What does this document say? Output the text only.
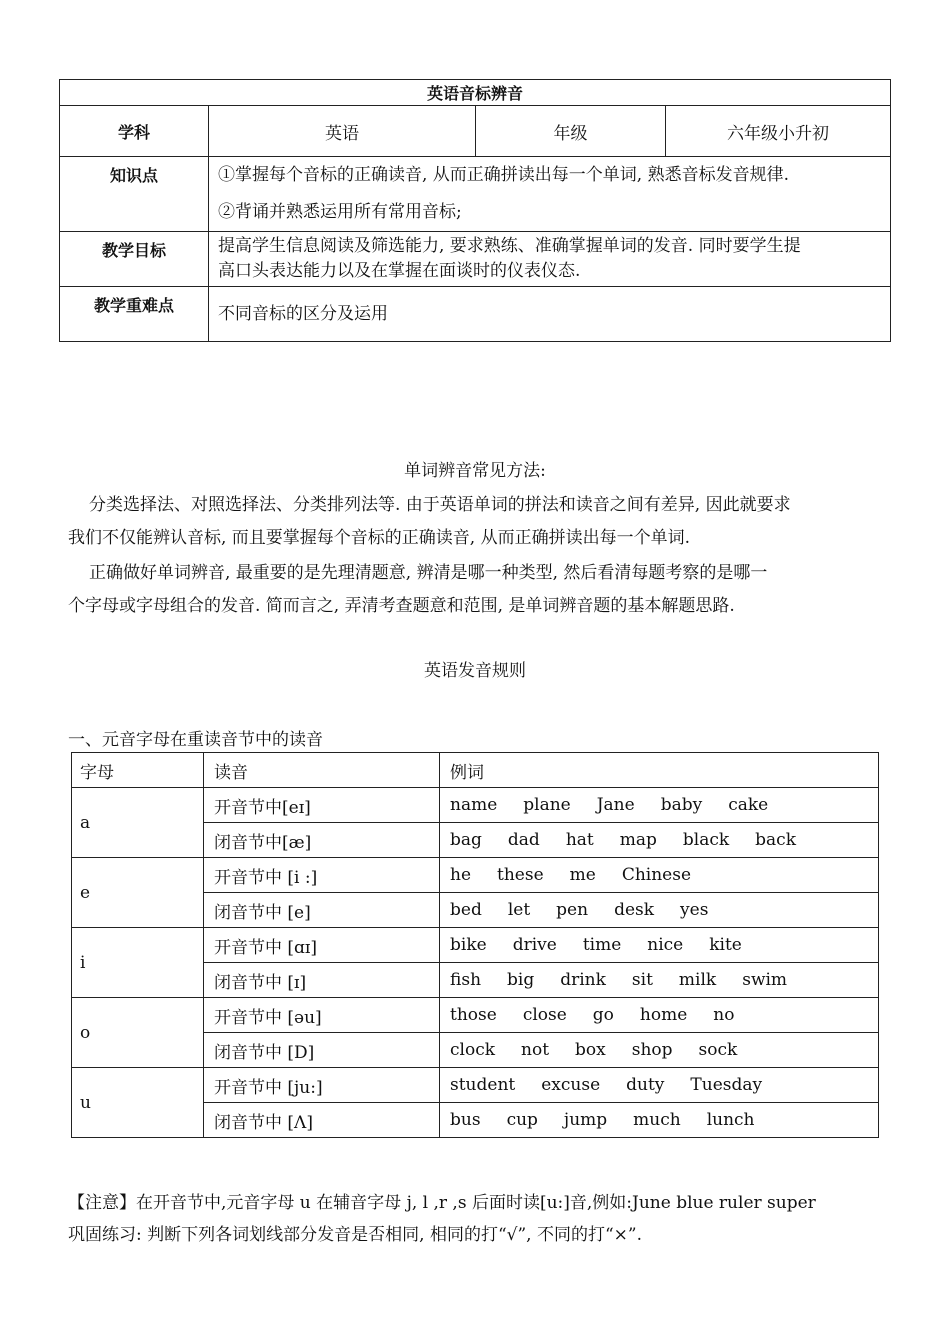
英语音标辨音			
学科	英语	年级	六年级小升初
知识点	①掌握每个音标的正确读音, 从而正确拼读出每一个单词, 熟悉音标发音规律.
②背诵并熟悉运用所有常用音标;		

教学目标	提高学生信息阅读及筛选能力, 要求熟练、准确掌握单词的发音. 同时要学生提
高口头表达能力以及在掌握在面谈时的仪表仪态.		

教学重难点	不同音标的区分及运用		
单词辨音常见方法:
分类选择法、对照选择法、分类排列法等. 由于英语单词的拼法和读音之间有差异, 因此就要求
我们不仅能辨认音标, 而且要掌握每个音标的正确读音, 从而正确拼读出每一个单词.
正确做好单词辨音, 最重要的是先理清题意, 辨清是哪一种类型, 然后看清每题考察的是哪一
个字母或字母组合的发音. 简而言之, 弄清考查题意和范围, 是单词辨音题的基本解题思路.
英语发音规则
一、元音字母在重读音节中的读音
字母	读音	例词
a	开音节中[eɪ]	name plane Jane baby cake
	闭音节中[æ]	bag dad hat map black back
e	开音节中 [i :]	he these me Chinese
	闭音节中 [e]	bed let pen desk yes
i	开音节中 [ɑɪ]	bike drive time nice kite
	闭音节中 [ɪ]	fish big drink sit milk swim
o	开音节中 [əu]	those close go home no
	闭音节中 [D]	clock not box shop sock
u	开音节中 [ju:]	student excuse duty Tuesday
	闭音节中 [Λ]	bus cup jump much lunch
【注意】在开音节中,元音字母 u 在辅音字母 j, l ,r ,s 后面时读[u:]音,例如:June blue ruler super
巩固练习: 判断下列各词划线部分发音是否相同, 相同的打“√”, 不同的打“×”.
